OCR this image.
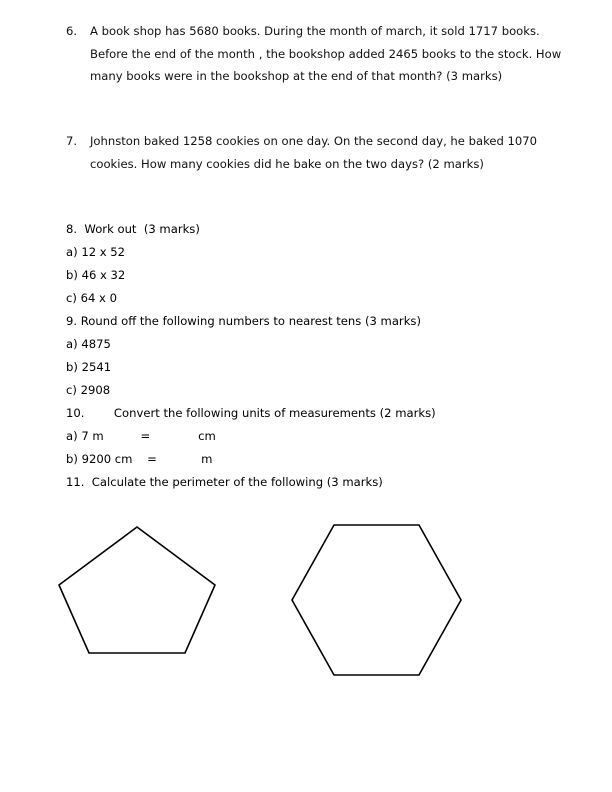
6. A book shop has 5680 books. During the month of march, it sold 1717 books. Before the end of the month , the bookshop added 2465 books to the stock. How many books were in the bookshop at the end of that month? (3 marks)
7. Johnston baked 1258 cookies on one day. On the second day, he baked 1070 cookies. How many cookies did he bake on the two days? (2 marks)
8.  Work out  (3 marks)
a) 12 x 52
b) 46 x 32
c) 64 x 0
9. Round off the following numbers to nearest tens (3 marks)
a) 4875
b) 2541
c) 2908
10.        Convert the following units of measurements (2 marks)
a) 7 m          =             cm
b) 9200 cm    =            m
11.  Calculate the perimeter of the following (3 marks)
